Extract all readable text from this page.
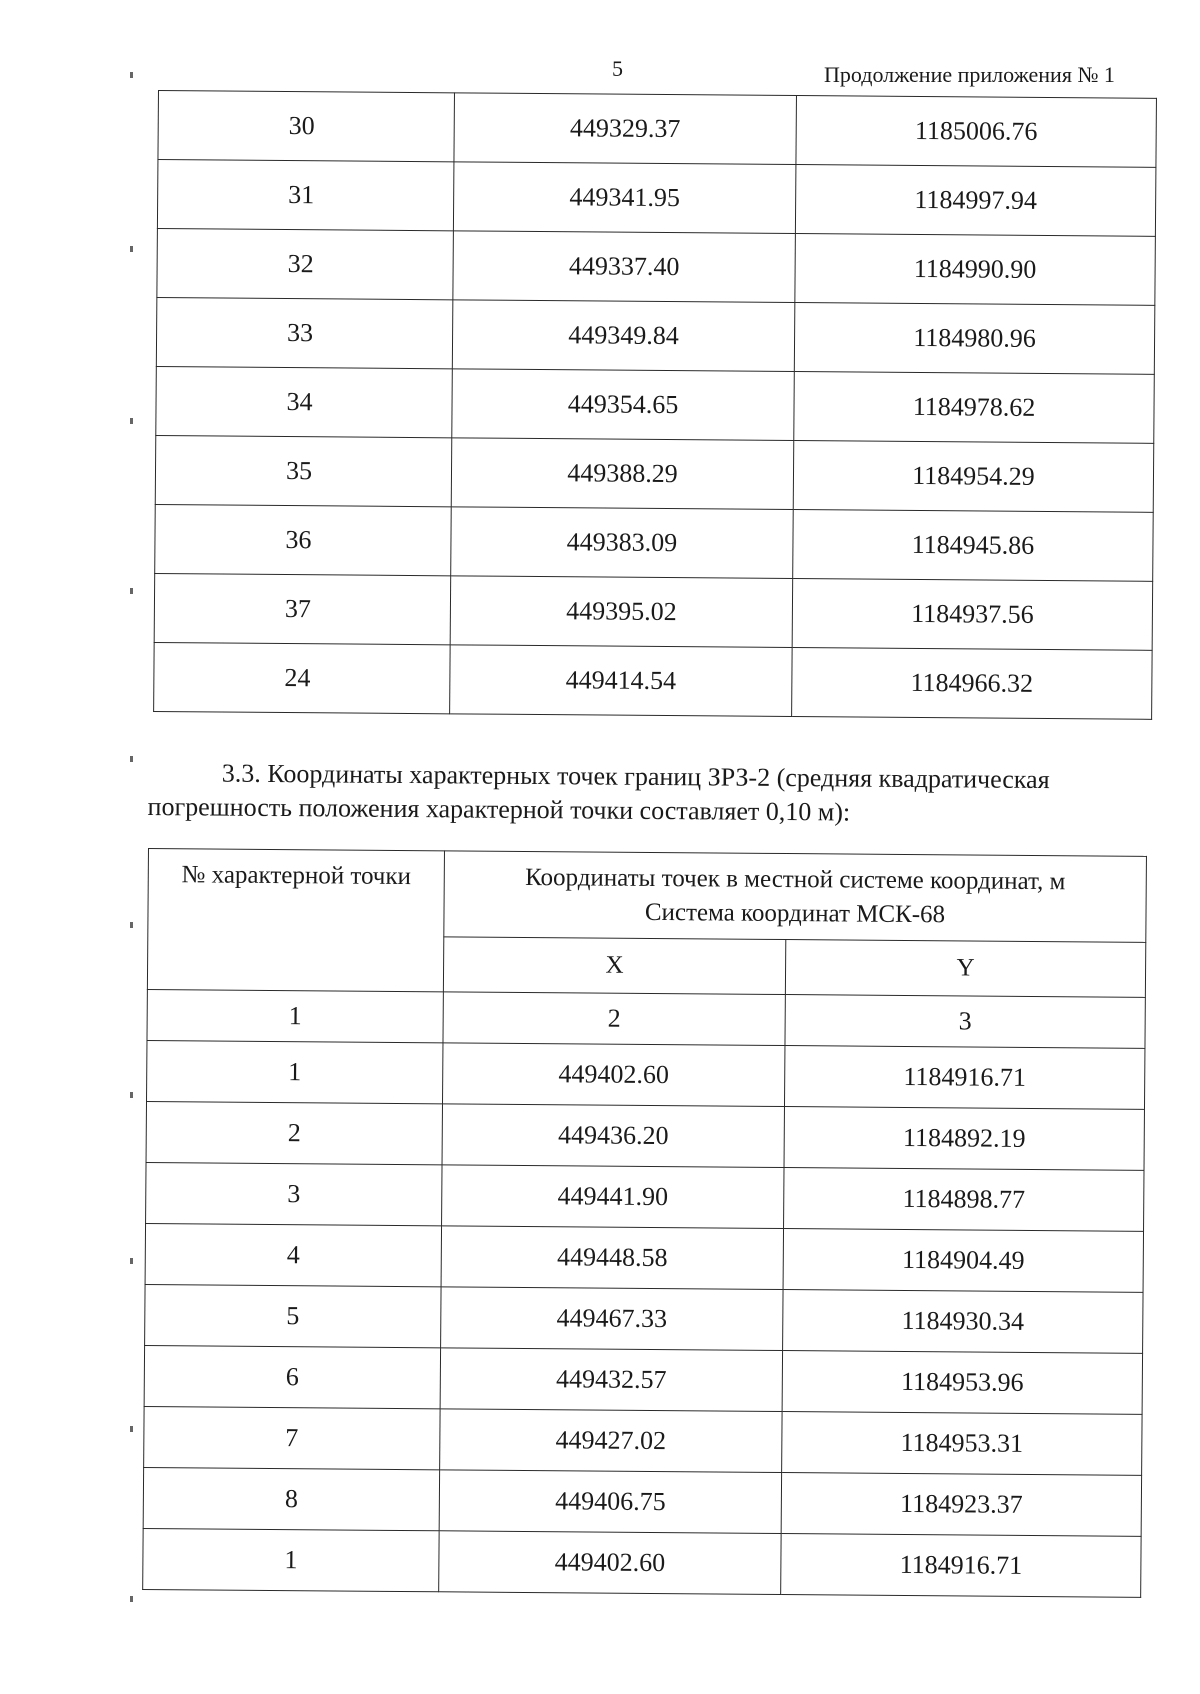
5	Продолжение приложения № 1
30	449329.37	1185006.76
31	449341.95	1184997.94
32	449337.40	1184990.90
33	449349.84	1184980.96
34	449354.65	1184978.62
35	449388.29	1184954.29
36	449383.09	1184945.86
37	449395.02	1184937.56
24	449414.54	1184966.32
3.3. Координаты характерных точек границ ЗРЗ-2 (средняя квадратическая погрешность положения характерной точки составляет 0,10 м):
№ характерной точки	Координаты точек в местной системе координат, м
Система координат МСК-68	

	X	Y
1	2	3
1	449402.60	1184916.71
2	449436.20	1184892.19
3	449441.90	1184898.77
4	449448.58	1184904.49
5	449467.33	1184930.34
6	449432.57	1184953.96
7	449427.02	1184953.31
8	449406.75	1184923.37
1	449402.60	1184916.71
